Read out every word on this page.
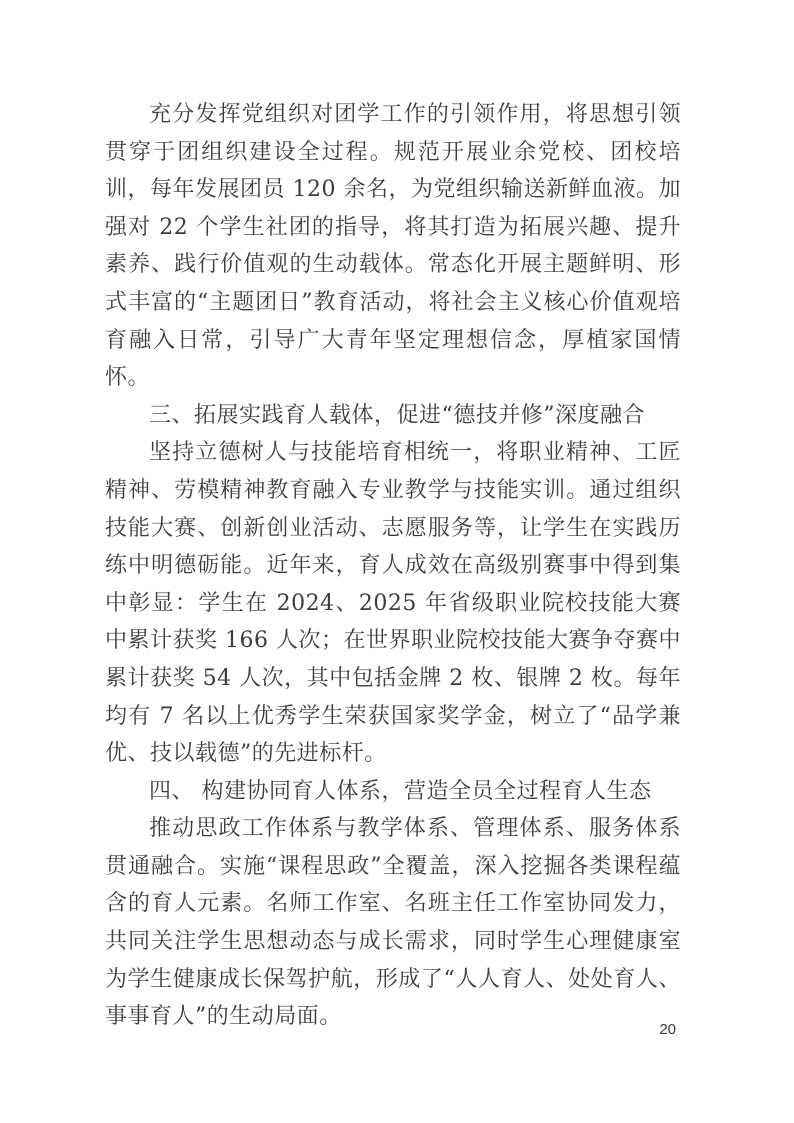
充分发挥党组织对团学工作的引领作用，将思想引领贯穿于团组织建设全过程。规范开展业余党校、团校培训，每年发展团员 120 余名，为党组织输送新鲜血液。加强对 22 个学生社团的指导，将其打造为拓展兴趣、提升素养、践行价值观的生动载体。常态化开展主题鲜明、形式丰富的“主题团日”教育活动，将社会主义核心价值观培育融入日常，引导广大青年坚定理想信念，厚植家国情怀。

三、拓展实践育人载体，促进“德技并修”深度融合

坚持立德树人与技能培育相统一，将职业精神、工匠精神、劳模精神教育融入专业教学与技能实训。通过组织技能大赛、创新创业活动、志愿服务等，让学生在实践历练中明德砺能。近年来，育人成效在高级别赛事中得到集中彰显：学生在 2024、2025 年省级职业院校技能大赛中累计获奖 166 人次；在世界职业院校技能大赛争夺赛中累计获奖 54 人次，其中包括金牌 2 枚、银牌 2 枚。每年均有 7 名以上优秀学生荣获国家奖学金，树立了“品学兼优、技以载德”的先进标杆。

四、 构建协同育人体系，营造全员全过程育人生态

推动思政工作体系与教学体系、管理体系、服务体系贯通融合。实施“课程思政”全覆盖，深入挖掘各类课程蕴含的育人元素。名师工作室、名班主任工作室协同发力，共同关注学生思想动态与成长需求，同时学生心理健康室为学生健康成长保驾护航，形成了“人人育人、处处育人、事事育人”的生动局面。

20
